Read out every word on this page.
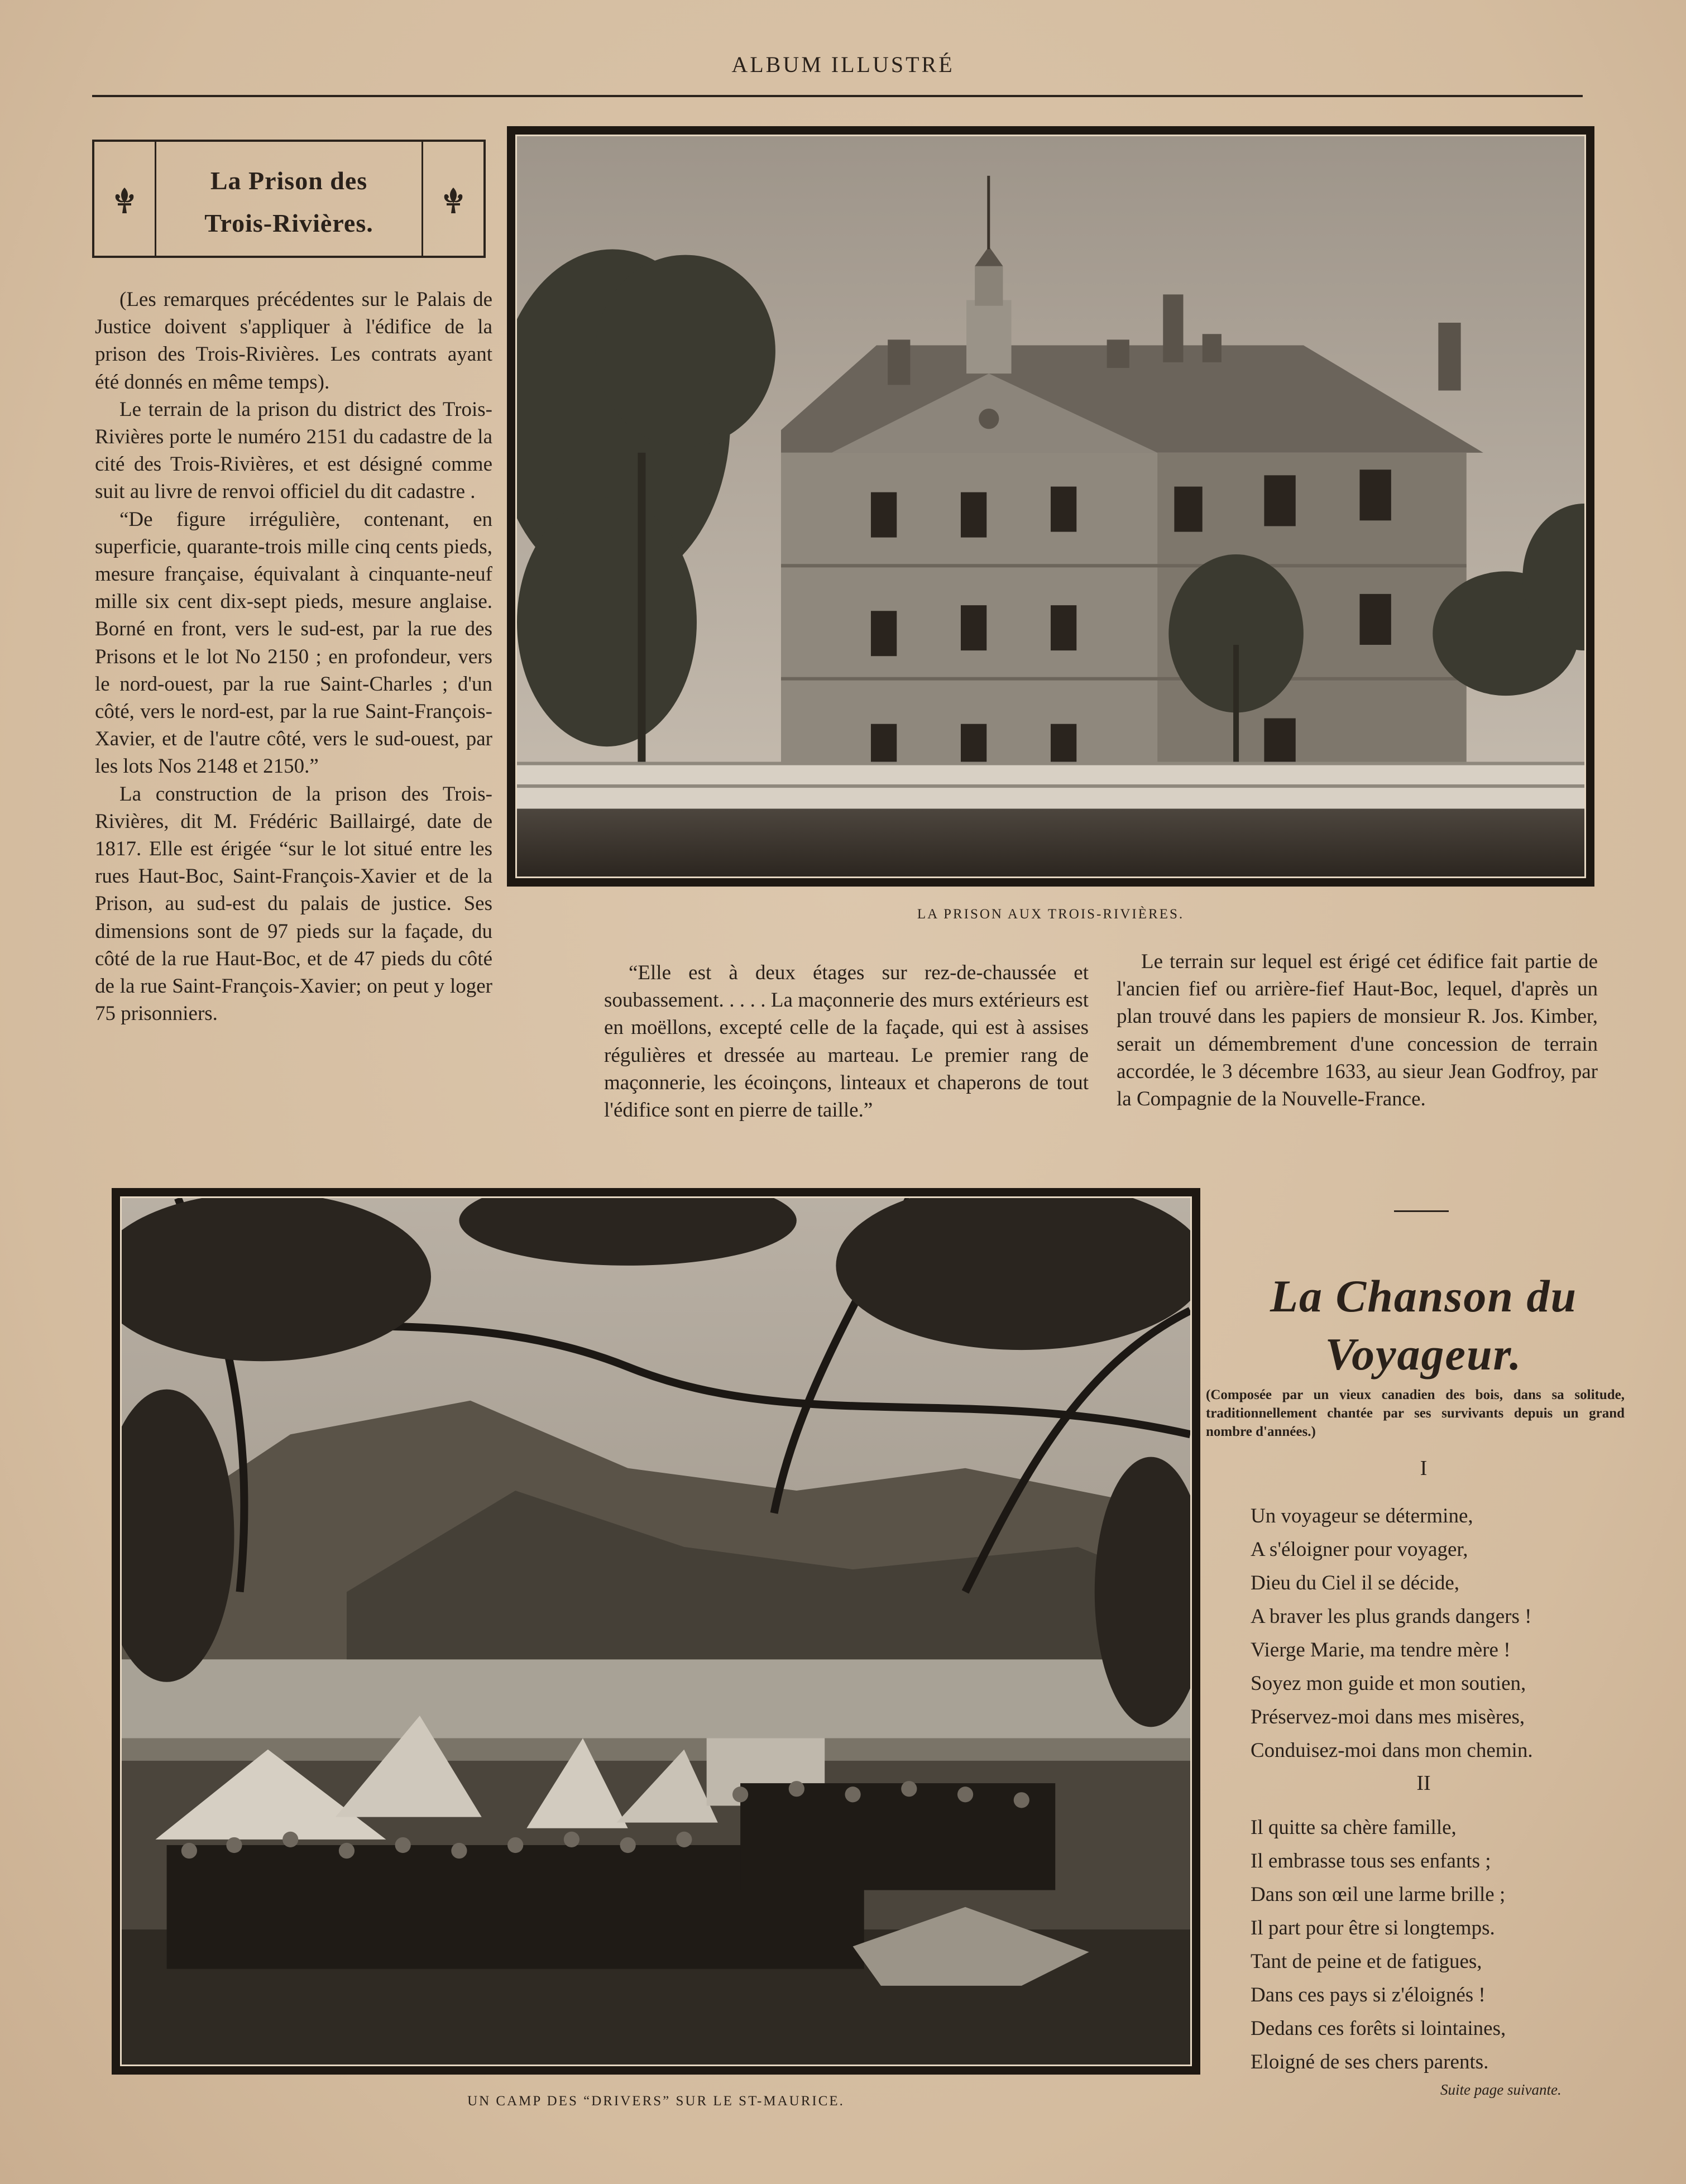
ALBUM ILLUSTRÉ
La Prison des
Trois-Rivières.

(Les remarques précédentes sur le Palais de Justice doivent s'appliquer à l'édifice de la prison des Trois-Rivières. Les contrats ayant été donnés en même temps).

Le terrain de la prison du district des Trois-Rivières porte le numéro 2151 du cadastre de la cité des Trois-Rivières, et est désigné comme suit au livre de renvoi officiel du dit cadastre .

“De figure irrégulière, contenant, en superficie, quarante-trois mille cinq cents pieds, mesure française, équivalant à cinquante-neuf mille six cent dix-sept pieds, mesure anglaise. Borné en front, vers le sud-est, par la rue des Prisons et le lot No 2150 ; en profondeur, vers le nord-ouest, par la rue Saint-Charles ; d'un côté, vers le nord-est, par la rue Saint-François-Xavier, et de l'autre côté, vers le sud-ouest, par les lots Nos 2148 et 2150.”

La construction de la prison des Trois-Rivières, dit M. Frédéric Baillairgé, date de 1817. Elle est érigée “sur le lot situé entre les rues Haut-Boc, Saint-François-Xavier et de la Prison, au sud-est du palais de justice. Ses dimensions sont de 97 pieds sur la façade, du côté de la rue Haut-Boc, et de 47 pieds du côté de la rue Saint-François-Xavier; on peut y loger 75 prisonniers.

“Elle est à deux étages sur rez-de-chaussée et soubassement. . . . . La maçonnerie des murs extérieurs est en moëllons, excepté celle de la façade, qui est à assises régulières et dressée au marteau. Le premier rang de maçonnerie, les écoinçons, linteaux et chaperons de tout l'édifice sont en pierre de taille.”

Le terrain sur lequel est érigé cet édifice fait partie de l'ancien fief ou arrière-fief Haut-Boc, lequel, d'après un plan trouvé dans les papiers de monsieur R. Jos. Kimber, serait un démembrement d'une concession de terrain accordée, le 3 décembre 1633, au sieur Jean Godfroy, par la Compagnie de la Nouvelle-France.

LA PRISON AUX TROIS-RIVIÈRES.
UN CAMP DES “DRIVERS” SUR LE ST-MAURICE.
La Chanson du Voyageur.
(Composée par un vieux canadien des bois, dans sa solitude, traditionnellement chantée par ses survivants depuis un grand nombre d'années.)
I
Un voyageur se détermine,
A s'éloigner pour voyager,
Dieu du Ciel il se décide,
A braver les plus grands dangers !
Vierge Marie, ma tendre mère !
Soyez mon guide et mon soutien,
Préservez-moi dans mes misères,
Conduisez-moi dans mon chemin.
II
Il quitte sa chère famille,
Il embrasse tous ses enfants ;
Dans son œil une larme brille ;
Il part pour être si longtemps.
Tant de peine et de fatigues,
Dans ces pays si z'éloignés !
Dedans ces forêts si lointaines,
Eloigné de ses chers parents.
Suite page suivante.
